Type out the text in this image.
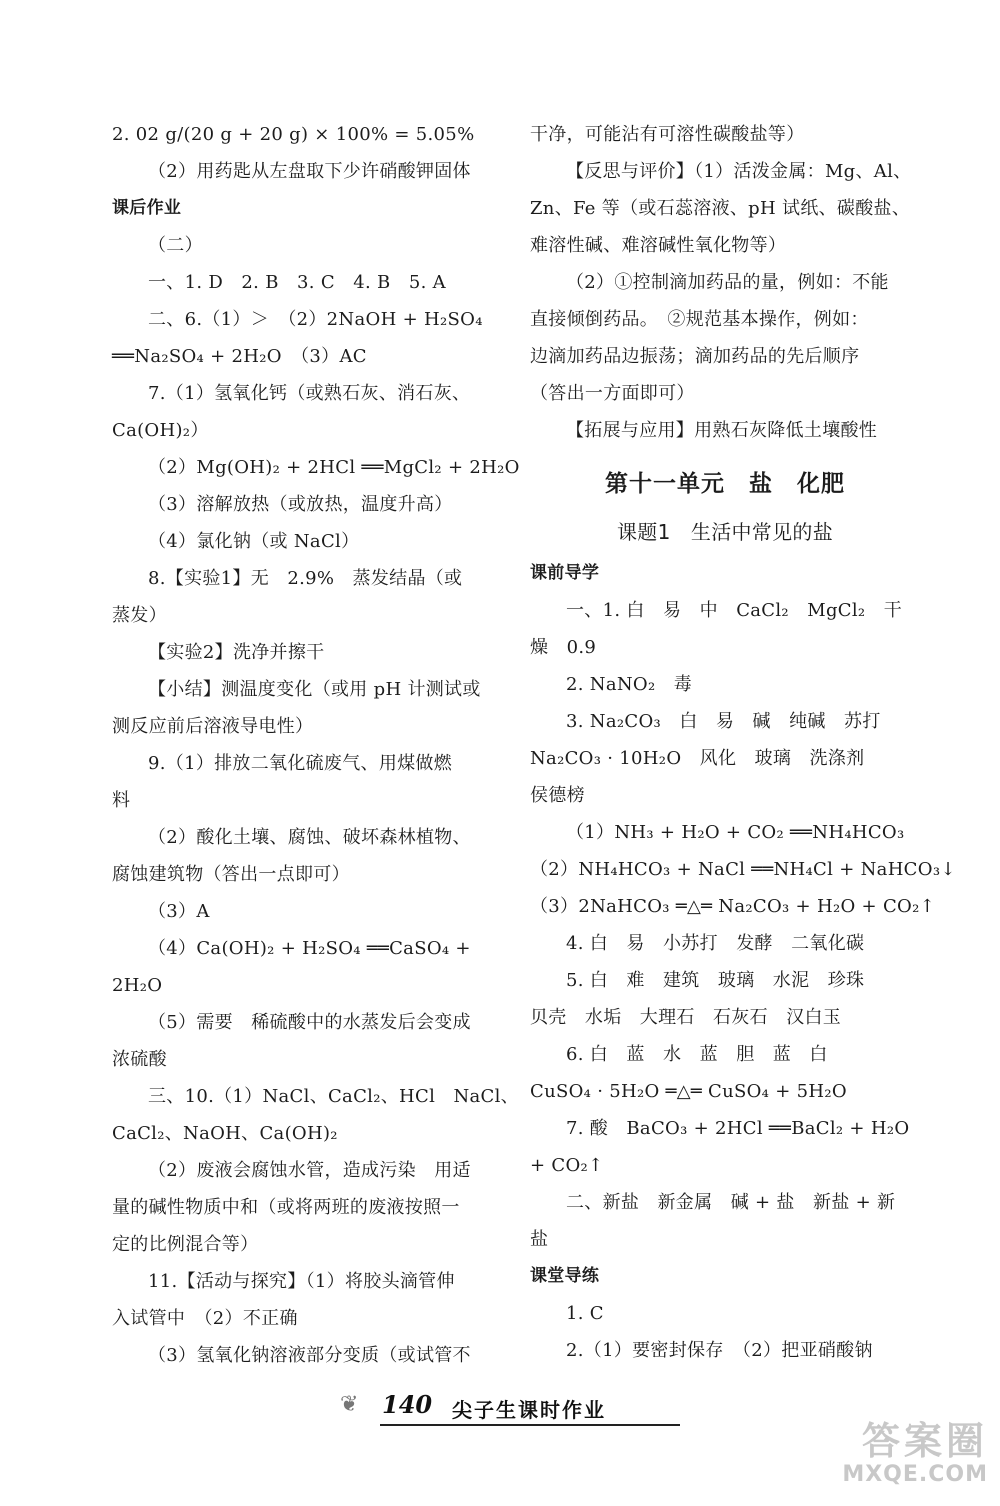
2. 02 g/(20 g + 20 g) × 100% = 5.05%
（2）用药匙从左盘取下少许硝酸钾固体
课后作业
（二）
一、1. D　2. B　3. C　4. B　5. A
二、6.（1）＞　（2）2NaOH + H₂SO₄
══Na₂SO₄ + 2H₂O　（3）AC
7.（1）氢氧化钙（或熟石灰、消石灰、
Ca(OH)₂）
（2）Mg(OH)₂ + 2HCl ══MgCl₂ + 2H₂O
（3）溶解放热（或放热，温度升高）
（4）氯化钠（或 NaCl）
8.【实验1】无　2.9%　蒸发结晶（或
蒸发）
【实验2】洗净并擦干
【小结】测温度变化（或用 pH 计测试或
测反应前后溶液导电性）
9.（1）排放二氧化硫废气、用煤做燃
料
（2）酸化土壤、腐蚀、破坏森林植物、
腐蚀建筑物（答出一点即可）
（3）A
（4）Ca(OH)₂ + H₂SO₄ ══CaSO₄ +
2H₂O
（5）需要　稀硫酸中的水蒸发后会变成
浓硫酸
三、10.（1）NaCl、CaCl₂、HCl　NaCl、
CaCl₂、NaOH、Ca(OH)₂
（2）废液会腐蚀水管，造成污染　用适
量的碱性物质中和（或将两班的废液按照一
定的比例混合等）
11.【活动与探究】（1）将胶头滴管伸
入试管中　（2）不正确
（3）氢氧化钠溶液部分变质（或试管不
干净，可能沾有可溶性碳酸盐等）
【反思与评价】（1）活泼金属：Mg、Al、
Zn、Fe 等（或石蕊溶液、pH 试纸、碳酸盐、
难溶性碱、难溶碱性氧化物等）
（2）①控制滴加药品的量，例如：不能
直接倾倒药品。　②规范基本操作，例如：
边滴加药品边振荡；滴加药品的先后顺序
（答出一方面即可）
【拓展与应用】用熟石灰降低土壤酸性
第十一单元　盐　化肥
课题1　生活中常见的盐
课前导学
一、1. 白　易　中　CaCl₂　MgCl₂　干
燥　0.9
2. NaNO₂　毒
3. Na₂CO₃　白　易　碱　纯碱　苏打
Na₂CO₃ · 10H₂O　风化　玻璃　洗涤剂
侯德榜
（1）NH₃ + H₂O + CO₂ ══NH₄HCO₃
（2）NH₄HCO₃ + NaCl ══NH₄Cl + NaHCO₃↓
（3）2NaHCO₃ ═△═ Na₂CO₃ + H₂O + CO₂↑
4. 白　易　小苏打　发酵　二氧化碳
5. 白　难　建筑　玻璃　水泥　珍珠
贝壳　水垢　大理石　石灰石　汉白玉
6. 白　蓝　水　蓝　胆　蓝　白
CuSO₄ · 5H₂O ═△═ CuSO₄ + 5H₂O
7. 酸　BaCO₃ + 2HCl ══BaCl₂ + H₂O
+ CO₂↑
二、新盐　新金属　碱 + 盐　新盐 + 新
盐
课堂导练
1. C
2.（1）要密封保存　（2）把亚硝酸钠
❦ 140 尖子生课时作业
答案圈
MXQE.COM
